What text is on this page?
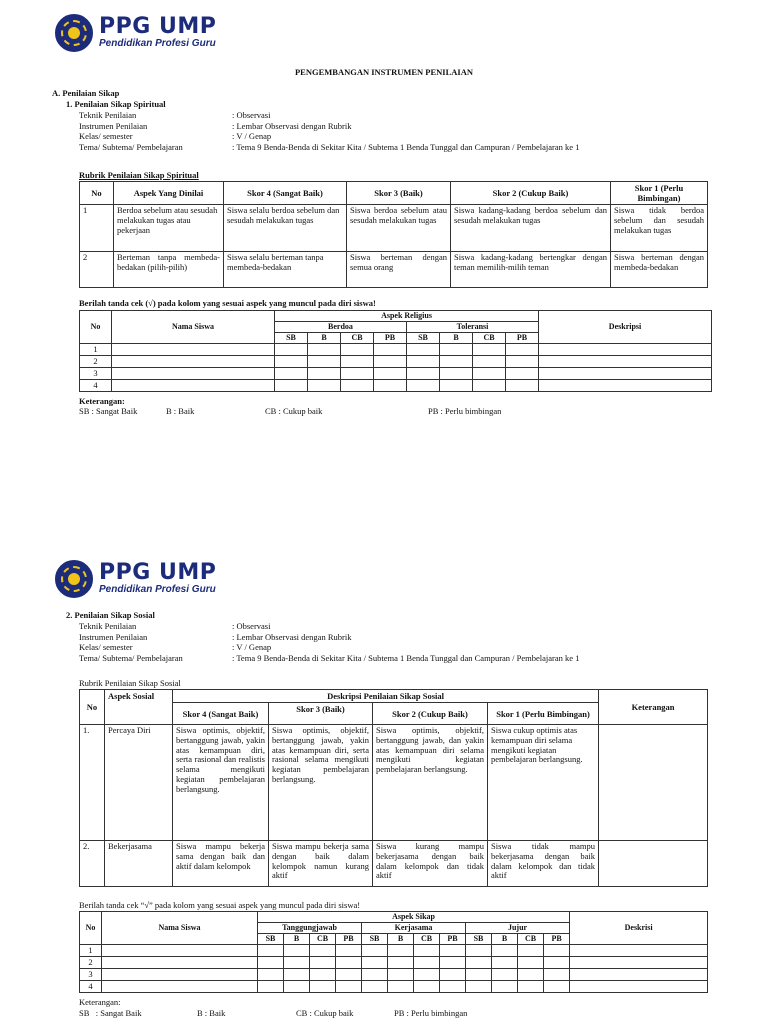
PPG UMP
Pendidikan Profesi Guru
PENGEMBANGAN INSTRUMEN PENILAIAN
A. Penilaian Sikap
1. Penilaian Sikap Spiritual
Teknik Penilaian	: Observasi
Instrumen Penilaian	: Lembar Observasi dengan Rubrik
Kelas/ semester	: V / Genap
Tema/ Subtema/ Pembelajaran	: Tema 9 Benda-Benda di Sekitar Kita / Subtema 1 Benda Tunggal dan Campuran / Pembelajaran ke 1
Rubrik Penilaian Sikap Spiritual
No	Aspek Yang Dinilai	Skor 4 (Sangat Baik)	Skor 3 (Baik)	Skor 2 (Cukup Baik)	Skor 1 (Perlu Bimbingan)
1	Berdoa sebelum atau sesudah melakukan tugas atau pekerjaan	Siswa selalu berdoa sebelum dan sesudah melakukan tugas	Siswa berdoa sebelum atau sesudah melakukan tugas	Siswa kadang-kadang berdoa sebelum dan sesudah melakukan tugas	Siswa tidak berdoa sebelum dan sesudah melakukan tugas
2	Berteman tanpa membeda-bedakan (pilih-pilih)	Siswa selalu berteman tanpa membeda-bedakan	Siswa berteman dengan semua orang	Siswa kadang-kadang bertengkar dengan teman memilih-milih teman	Siswa berteman dengan membeda-bedakan
Berilah tanda cek (√) pada kolom yang sesuai aspek yang muncul pada diri siswa!
No	Nama Siswa	Aspek Religius								Deskripsi
		Berdoa				Toleransi				
		SB	B	CB	PB	SB	B	CB	PB	
1										
2										
3										
4										
Keterangan:
SB : Sangat Baik	B : Baik	CB : Cukup baik	PB : Perlu bimbingan
PPG UMP
Pendidikan Profesi Guru
2. Penilaian Sikap Sosial
Teknik Penilaian	: Observasi
Instrumen Penilaian	: Lembar Observasi dengan Rubrik
Kelas/ semester	: V / Genap
Tema/ Subtema/ Pembelajaran	: Tema 9 Benda-Benda di Sekitar Kita / Subtema 1 Benda Tunggal dan Campuran / Pembelajaran ke 1
Rubrik Penilaian Sikap Sosial
No	Aspek Sosial	Deskripsi Penilaian Sikap Sosial				Keterangan
		Skor 4 (Sangat Baik)	Skor 3 (Baik)	Skor 2 (Cukup Baik)	Skor 1 (Perlu Bimbingan)	
1.	Percaya Diri	Siswa optimis, objektif, bertanggung jawab, yakin atas kemampuan diri, serta rasional dan realistis selama mengikuti kegiatan pembelajaran berlangsung.	Siswa optimis, objektif, bertanggung jawab, yakin atas kemampuan diri, serta rasional selama mengikuti kegiatan pembelajaran berlangsung.	Siswa optimis, objektif, bertanggung jawab, dan yakin atas kemampuan diri selama mengikuti kegiatan pembelajaran berlangsung.	Siswa cukup optimis atas kemampuan diri selama mengikuti kegiatan pembelajaran berlangsung.	
2.	Bekerjasama	Siswa mampu bekerja sama dengan baik dan aktif dalam kelompok	Siswa mampu bekerja sama dengan baik dalam kelompok namun kurang aktif	Siswa kurang mampu bekerjasama dengan baik dalam kelompok dan tidak aktif	Siswa tidak mampu bekerjasama dengan baik dalam kelompok dan tidak aktif	
Berilah tanda cek “√” pada kolom yang sesuai aspek yang muncul pada diri siswa!
No	Nama Siswa	Aspek Sikap												Deskrisi
		Tanggungjawab				Kerjasama				Jujur				
		SB	B	CB	PB	SB	B	CB	PB	SB	B	CB	PB	
1														
2														
3														
4														
Keterangan:
SB   : Sangat Baik	B : Baik	CB : Cukup baik	PB : Perlu bimbingan
